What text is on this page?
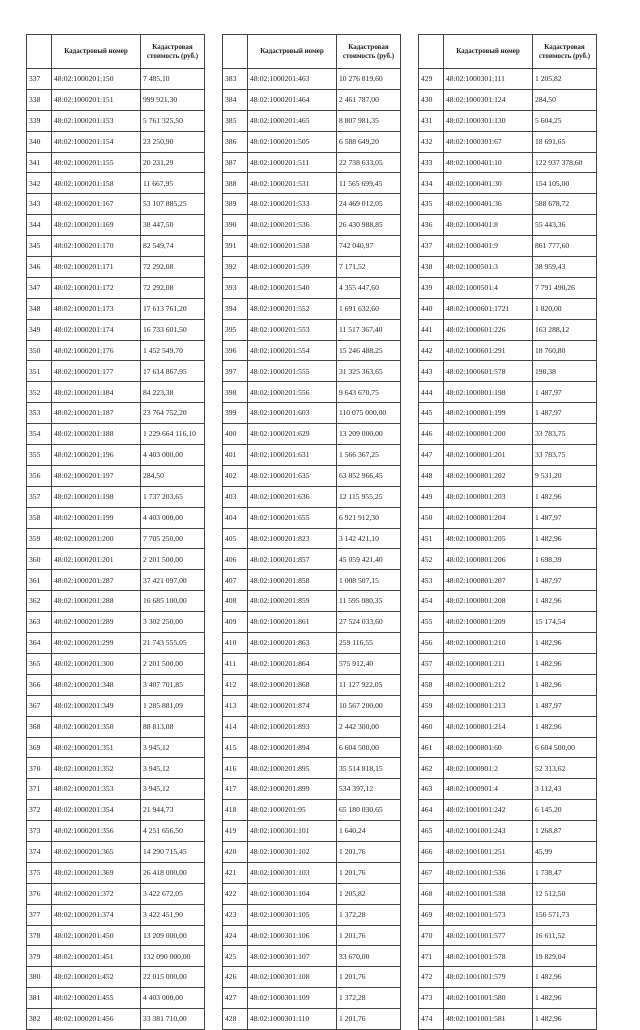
	Кадастровый номер	Кадастровая стоимость (руб.)
337	48:02:1000201:150	7 485,10
338	48:02:1000201:151	999 921,30
339	48:02:1000201:153	5 761 325,50
340	48:02:1000201:154	23 250,90
341	48:02:1000201:155	20 231,29
342	48:02:1000201:158	11 667,95
343	48:02:1000201:167	53 107 885,25
344	48:02:1000201:169	38 447,50
345	48:02:1000201:170	82 549,74
346	48:02:1000201:171	72 292,08
347	48:02:1000201:172	72 292,08
348	48:02:1000201:173	17 613 761,20
349	48:02:1000201:174	16 733 601,50
350	48:02:1000201:176	1 452 549,70
351	48:02:1000201:177	17 614 867,95
352	48:02:1000201:184	84 223,38
353	48:02:1000201:187	23 764 752,20
354	48:02:1000201:188	1 229 664 116,10
355	48:02:1000201:196	4 403 000,00
356	48:02:1000201:197	284,50
357	48:02:1000201:198	1 737 203,65
358	48:02:1000201:199	4 403 000,00
359	48:02:1000201:200	7 705 250,00
360	48:02:1000201:201	2 201 500,00
361	48:02:1000201:287	37 421 097,00
362	48:02:1000201:288	16 685 100,00
363	48:02:1000201:289	3 302 250,00
364	48:02:1000201:299	21 743 555,05
365	48:02:1000201:300	2 201 500,00
366	48:02:1000201:348	3 407 701,85
367	48:02:1000201:349	1 285 881,09
368	48:02:1000201:350	88 813,08
369	48:02:1000201:351	3 945,12
370	48:02:1000201:352	3 945,12
371	48:02:1000201:353	3 945,12
372	48:02:1000201:354	21 944,73
373	48:02:1000201:356	4 251 656,50
374	48:02:1000201:365	14 290 715,45
375	48:02:1000201:369	26 418 000,00
376	48:02:1000201:372	3 422 672,05
377	48:02:1000201:374	3 422 451,90
378	48:02:1000201:450	13 209 000,00
379	48:02:1000201:451	132 090 000,00
380	48:02:1000201:452	22 015 000,00
381	48:02:1000201:455	4 403 000,00
382	48:02:1000201:456	33 381 710,00
	Кадастровый номер	Кадастровая стоимость (руб.)
383	48:02:1000201:463	10 276 819,60
384	48:02:1000201:464	2 461 787,00
385	48:02:1000201:465	8 807 981,35
386	48:02:1000201:505	6 588 649,20
387	48:02:1000201:511	22 738 633,05
388	48:02:1000201:531	11 565 699,45
389	48:02:1000201:533	24 469 012,05
390	48:02:1000201:536	26 430 988,85
391	48:02:1000201:538	742 040,97
392	48:02:1000201:539	7 171,52
393	48:02:1000201:540	4 355 447,60
394	48:02:1000201:552	1 691 632,60
395	48:02:1000201:553	11 517 367,40
396	48:02:1000201:554	15 246 488,25
397	48:02:1000201:555	31 325 363,65
398	48:02:1000201:556	9 643 670,75
399	48:02:1000201:603	110 075 000,00
400	48:02:1000201:629	13 209 000,00
401	48:02:1000201:631	1 566 367,25
402	48:02:1000201:635	63 852 966,45
403	48:02:1000201:636	12 115 955,25
404	48:02:1000201:655	6 921 912,30
405	48:02:1000201:823	3 142 421,10
406	48:02:1000201:857	45 059 421,40
407	48:02:1000201:858	1 008 507,15
408	48:02:1000201:859	11 595 080,35
409	48:02:1000201:861	27 524 033,60
410	48:02:1000201:863	259 116,55
411	48:02:1000201:864	575 912,40
412	48:02:1000201:868	11 127 922,05
413	48:02:1000201:874	10 567 200,00
414	48:02:1000201:893	2 442 300,00
415	48:02:1000201:894	6 604 500,00
416	48:02:1000201:895	35 514 818,15
417	48:02:1000201:899	534 397,12
418	48:02:1000201:95	65 180 030,65
419	48:02:1000301:101	1 640,24
420	48:02:1000301:102	1 201,76
421	48:02:1000301:103	1 201,76
422	48:02:1000301:104	1 205,82
423	48:02:1000301:105	1 372,28
424	48:02:1000301:106	1 201,76
425	48:02:1000301:107	33 670,00
426	48:02:1000301:108	1 201,76
427	48:02:1000301:109	1 372,28
428	48:02:1000301:110	1 201,76
	Кадастровый номер	Кадастровая стоимость (руб.)
429	48:02:1000301:111	1 205,82
430	48:02:1000301:124	284,50
431	48:02:1000301:130	5 604,25
432	48:02:1000301:67	18 691,65
433	48:02:1000401:10	122 937 378,60
434	48:02:1000401:30	154 105,00
435	48:02:1000401:36	588 678,72
436	48:02:1000401:8	55 443,36
437	48:02:1000401:9	861 777,60
438	48:02:1000501:3	38 959,43
439	48:02:1000501:4	7 791 490,26
440	48:02:1000601:1721	1 820,00
441	48:02:1000601:226	163 288,12
442	48:02:1000601:291	18 760,80
443	48:02:1000601:578	190,38
444	48:02:1000801:198	1 487,97
445	48:02:1000801:199	1 487,97
446	48:02:1000801:200	33 783,75
447	48:02:1000801:201	33 783,75
448	48:02:1000801:202	9 531,20
449	48:02:1000801:203	1 482,96
450	48:02:1000801:204	1 487,97
451	48:02:1000801:205	1 482,96
452	48:02:1000801:206	1 698,39
453	48:02:1000801:207	1 487,97
454	48:02:1000801:208	1 482,96
455	48:02:1000801:209	15 174,54
456	48:02:1000801:210	1 482,96
457	48:02:1000801:211	1 482,96
458	48:02:1000801:212	1 482,96
459	48:02:1000801:213	1 487,97
460	48:02:1000801:214	1 482,96
461	48:02:1000801:60	6 604 500,00
462	48:02:1000901:2	52 313,62
463	48:02:1000901:4	3 112,43
464	48:02:1001001:242	6 145,20
465	48:02:1001001:243	1 268,87
466	48:02:1001001:251	45,99
467	48:02:1001001:536	1 738,47
468	48:02:1001001:538	12 512,50
469	48:02:1001001:573	156 571,73
470	48:02:1001001:577	16 611,52
471	48:02:1001001:578	19 829,04
472	48:02:1001001:579	1 482,96
473	48:02:1001001:580	1 482,96
474	48:02:1001001:581	1 482,96
